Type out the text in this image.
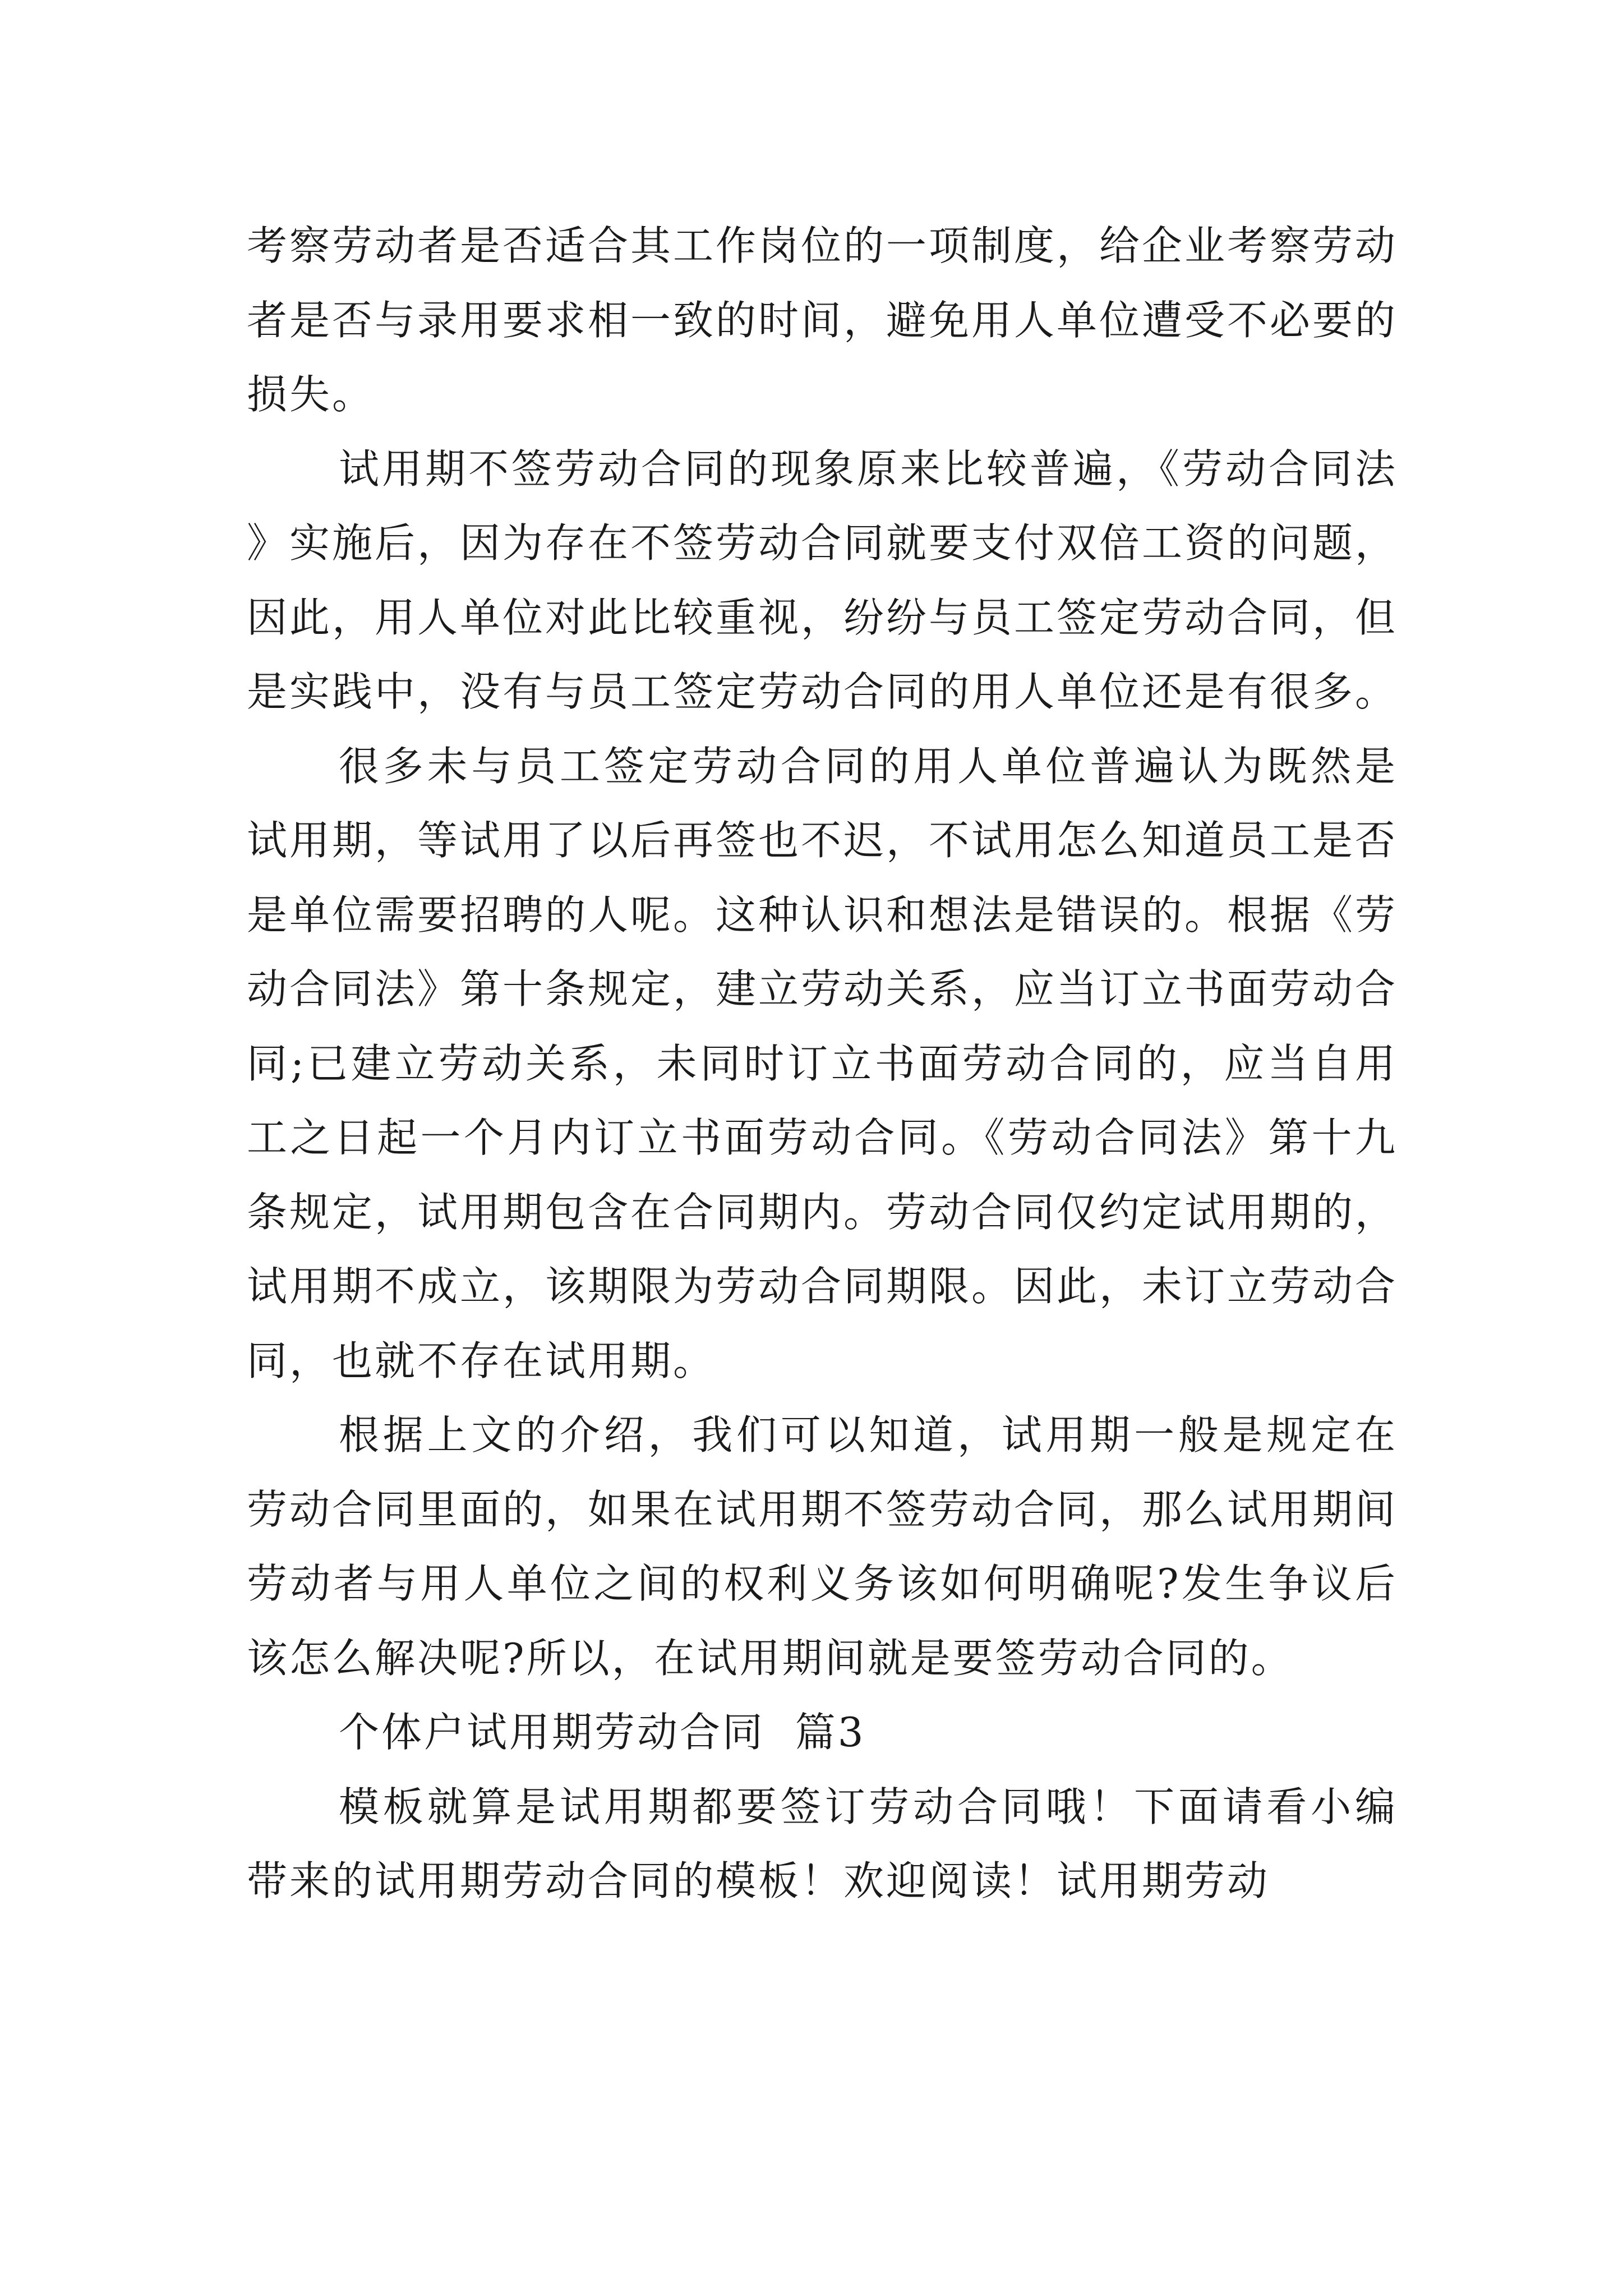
考察劳动者是否适合其工作岗位的一项制度，给企业考察劳动者是否与录用要求相一致的时间，避免用人单位遭受不必要的损失。

试用期不签劳动合同的现象原来比较普遍，《劳动合同法》实施后，因为存在不签劳动合同就要支付双倍工资的问题，因此，用人单位对此比较重视，纷纷与员工签定劳动合同，但是实践中，没有与员工签定劳动合同的用人单位还是有很多。

很多未与员工签定劳动合同的用人单位普遍认为既然是试用期，等试用了以后再签也不迟，不试用怎么知道员工是否是单位需要招聘的人呢。这种认识和想法是错误的。根据《劳动合同法》第十条规定，建立劳动关系，应当订立书面劳动合同;已建立劳动关系，未同时订立书面劳动合同的，应当自用工之日起一个月内订立书面劳动合同。《劳动合同法》第十九条规定，试用期包含在合同期内。劳动合同仅约定试用期的，试用期不成立，该期限为劳动合同期限。因此，未订立劳动合同，也就不存在试用期。

根据上文的介绍，我们可以知道，试用期一般是规定在劳动合同里面的，如果在试用期不签劳动合同，那么试用期间劳动者与用人单位之间的权利义务该如何明确呢?发生争议后该怎么解决呢?所以，在试用期间就是要签劳动合同的。

个体户试用期劳动合同  篇3

模板就算是试用期都要签订劳动合同哦！下面请看小编带来的试用期劳动合同的模板！欢迎阅读！试用期劳动
